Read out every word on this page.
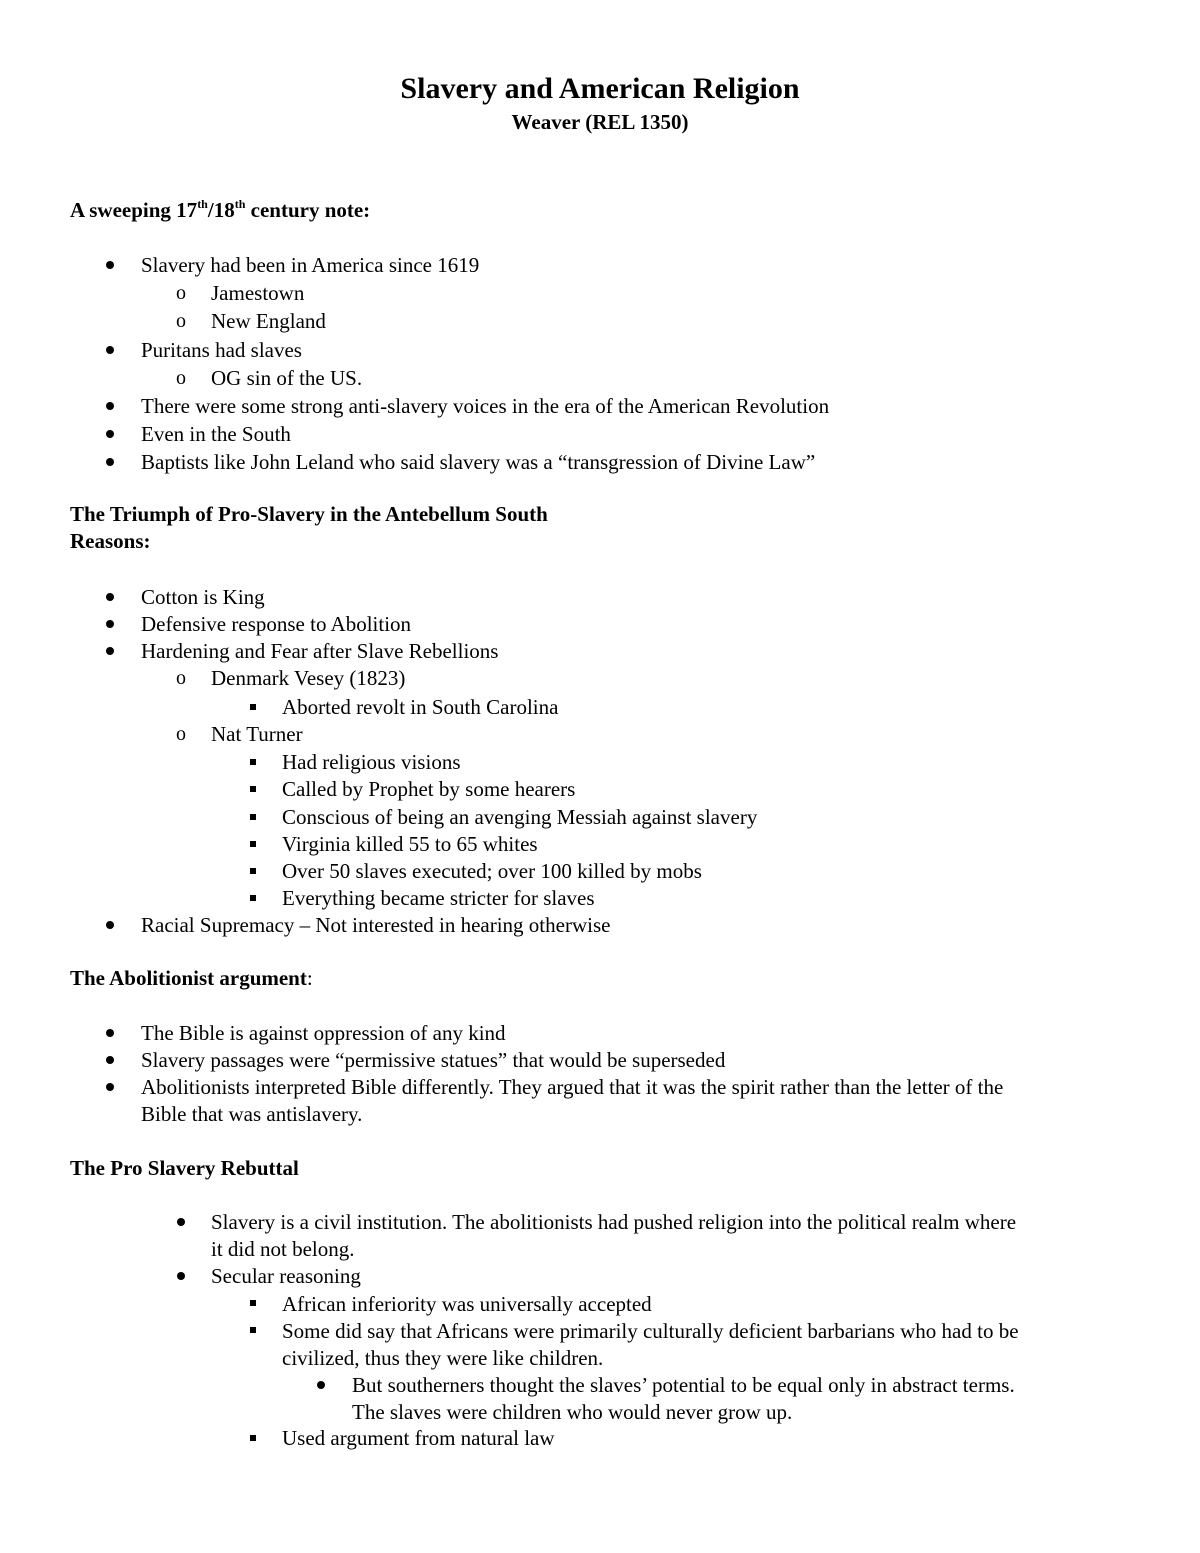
Slavery and American Religion
Weaver (REL 1350)
A sweeping 17th/18th century note:
Slavery had been in America since 1619
o Jamestown
o New England
Puritans had slaves
o OG sin of the US.
There were some strong anti-slavery voices in the era of the American Revolution
Even in the South
Baptists like John Leland who said slavery was a “transgression of Divine Law”
The Triumph of Pro-Slavery in the Antebellum South
Reasons:
Cotton is King
Defensive response to Abolition
Hardening and Fear after Slave Rebellions
o Denmark Vesey (1823)
Aborted revolt in South Carolina
o Nat Turner
Had religious visions
Called by Prophet by some hearers
Conscious of being an avenging Messiah against slavery
Virginia killed 55 to 65 whites
Over 50 slaves executed; over 100 killed by mobs
Everything became stricter for slaves
Racial Supremacy – Not interested in hearing otherwise
The Abolitionist argument:
The Bible is against oppression of any kind
Slavery passages were “permissive statues” that would be superseded
Abolitionists interpreted Bible differently. They argued that it was the spirit rather than the letter of the
Bible that was antislavery.
The Pro Slavery Rebuttal
Slavery is a civil institution. The abolitionists had pushed religion into the political realm where
it did not belong.
Secular reasoning
African inferiority was universally accepted
Some did say that Africans were primarily culturally deficient barbarians who had to be
civilized, thus they were like children.
But southerners thought the slaves’ potential to be equal only in abstract terms.
The slaves were children who would never grow up.
Used argument from natural law
